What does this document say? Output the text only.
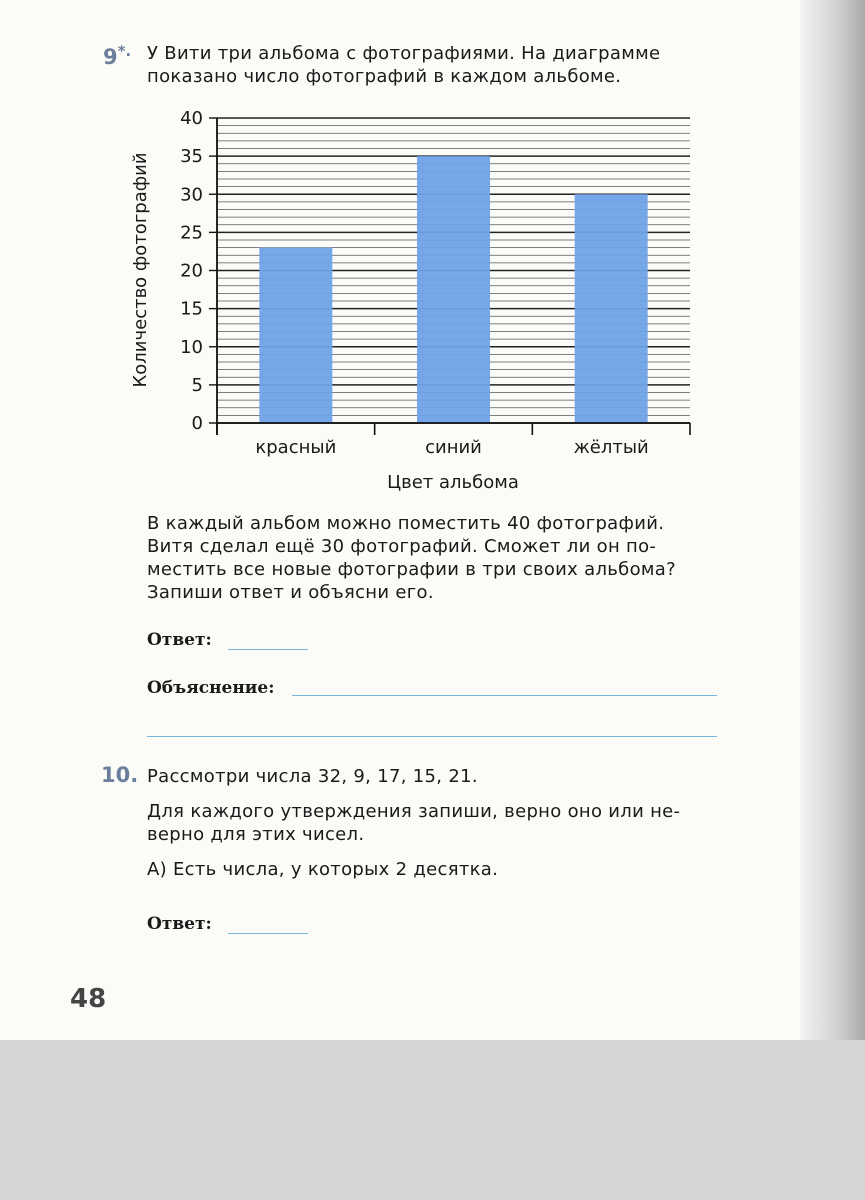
9*. У Вити три альбома с фотографиями. На диаграмме
показано число фотографий в каждом альбоме.
красный	синий	жёлтый
0
5
10
15
20
25
30
35
40
Количество фотографий
Цвет альбома
В каждый альбом можно поместить 40 фотографий.
Витя сделал ещё 30 фотографий. Сможет ли он по-
местить все новые фотографии в три своих альбома?
Запиши ответ и объясни его.
Ответ:
Объяснение:
10. Рассмотри числа 32, 9, 17, 15, 21.
Для каждого утверждения запиши, верно оно или не-
верно для этих чисел.
А) Есть числа, у которых 2 десятка.
Ответ:
48
